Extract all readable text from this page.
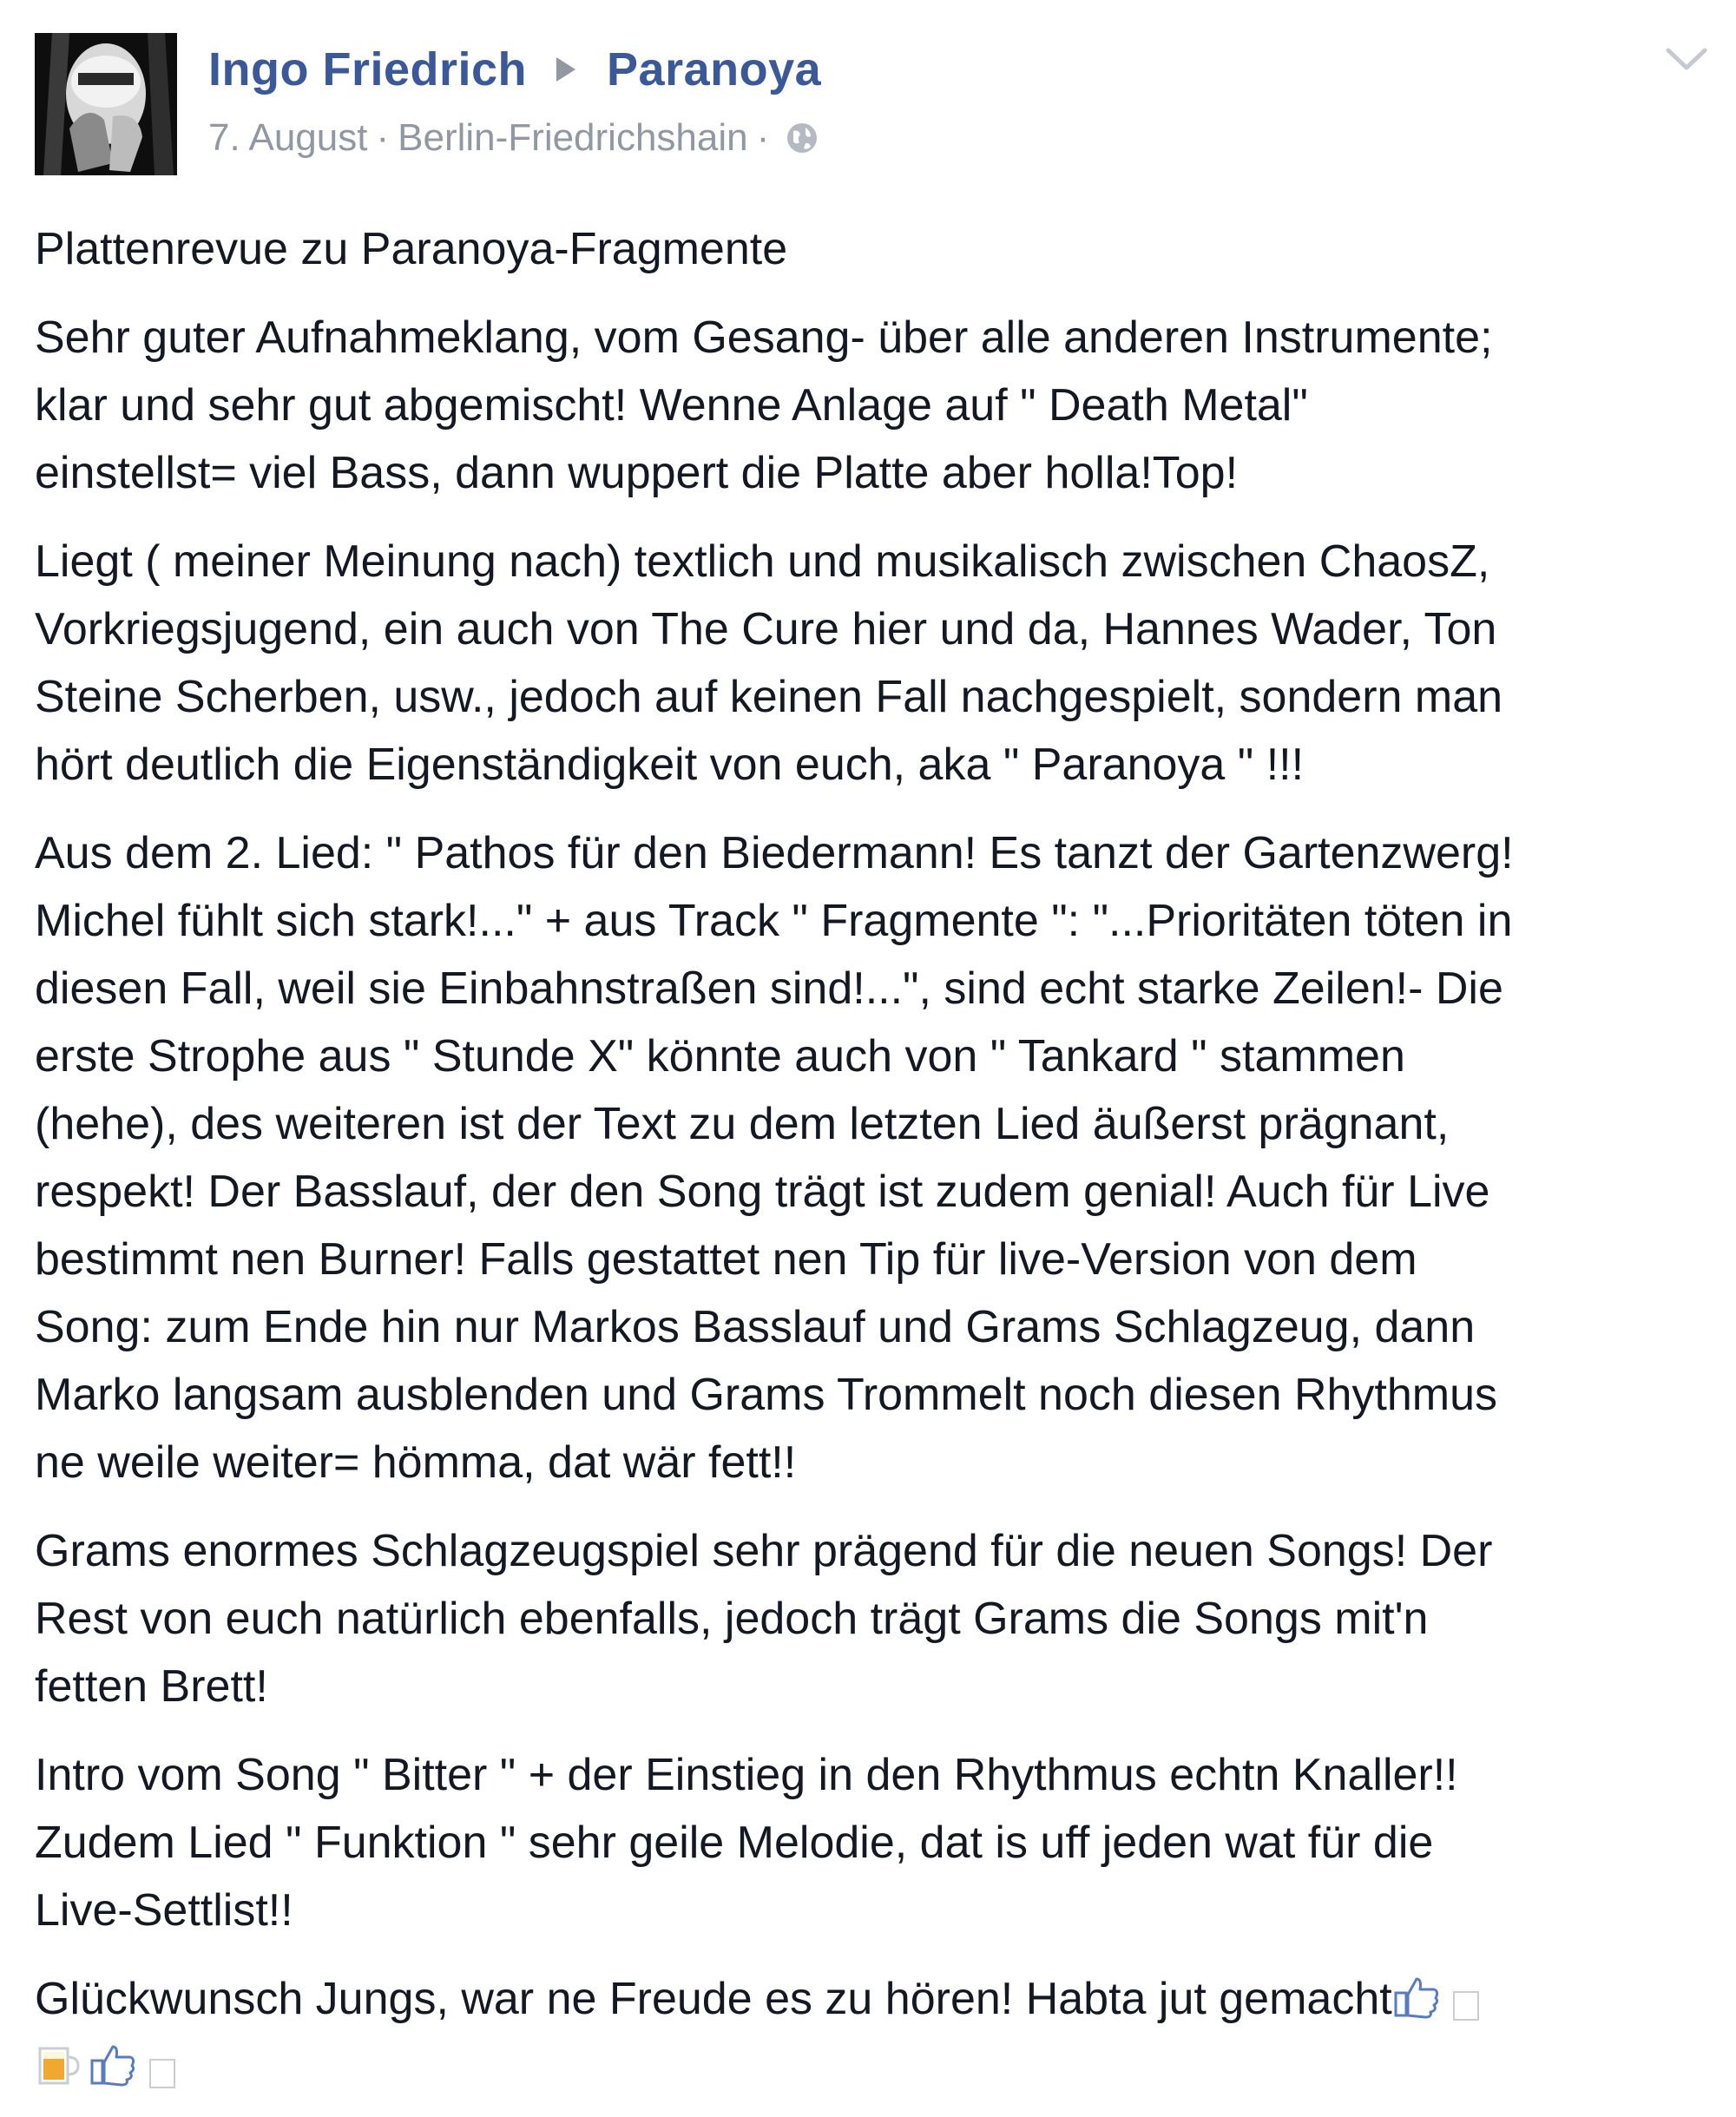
Ingo Friedrich Paranoya
7. August · Berlin-Friedrichshain ·

Plattenrevue zu Paranoya-Fragmente

Sehr guter Aufnahmeklang, vom Gesang- über alle anderen Instrumente;
klar und sehr gut abgemischt! Wenne Anlage auf " Death Metal"
einstellst= viel Bass, dann wuppert die Platte aber holla!Top!

Liegt ( meiner Meinung nach) textlich und musikalisch zwischen ChaosZ,
Vorkriegsjugend, ein auch von The Cure hier und da, Hannes Wader, Ton
Steine Scherben, usw., jedoch auf keinen Fall nachgespielt, sondern man
hört deutlich die Eigenständigkeit von euch, aka " Paranoya " !!!

Aus dem 2. Lied: " Pathos für den Biedermann! Es tanzt der Gartenzwerg!
Michel fühlt sich stark!..." + aus Track " Fragmente ": "...Prioritäten töten in
diesen Fall, weil sie Einbahnstraßen sind!...", sind echt starke Zeilen!- Die
erste Strophe aus " Stunde X" könnte auch von " Tankard " stammen
(hehe), des weiteren ist der Text zu dem letzten Lied äußerst prägnant,
respekt! Der Basslauf, der den Song trägt ist zudem genial! Auch für Live
bestimmt nen Burner! Falls gestattet nen Tip für live-Version von dem
Song: zum Ende hin nur Markos Basslauf und Grams Schlagzeug, dann
Marko langsam ausblenden und Grams Trommelt noch diesen Rhythmus
ne weile weiter= hömma, dat wär fett!!

Grams enormes Schlagzeugspiel sehr prägend für die neuen Songs! Der
Rest von euch natürlich ebenfalls, jedoch trägt Grams die Songs mit'n
fetten Brett!

Intro vom Song " Bitter " + der Einstieg in den Rhythmus echtn Knaller!!
Zudem Lied " Funktion " sehr geile Melodie, dat is uff jeden wat für die
Live-Settlist!!

Glückwunsch Jungs, war ne Freude es zu hören! Habta jut gemacht
